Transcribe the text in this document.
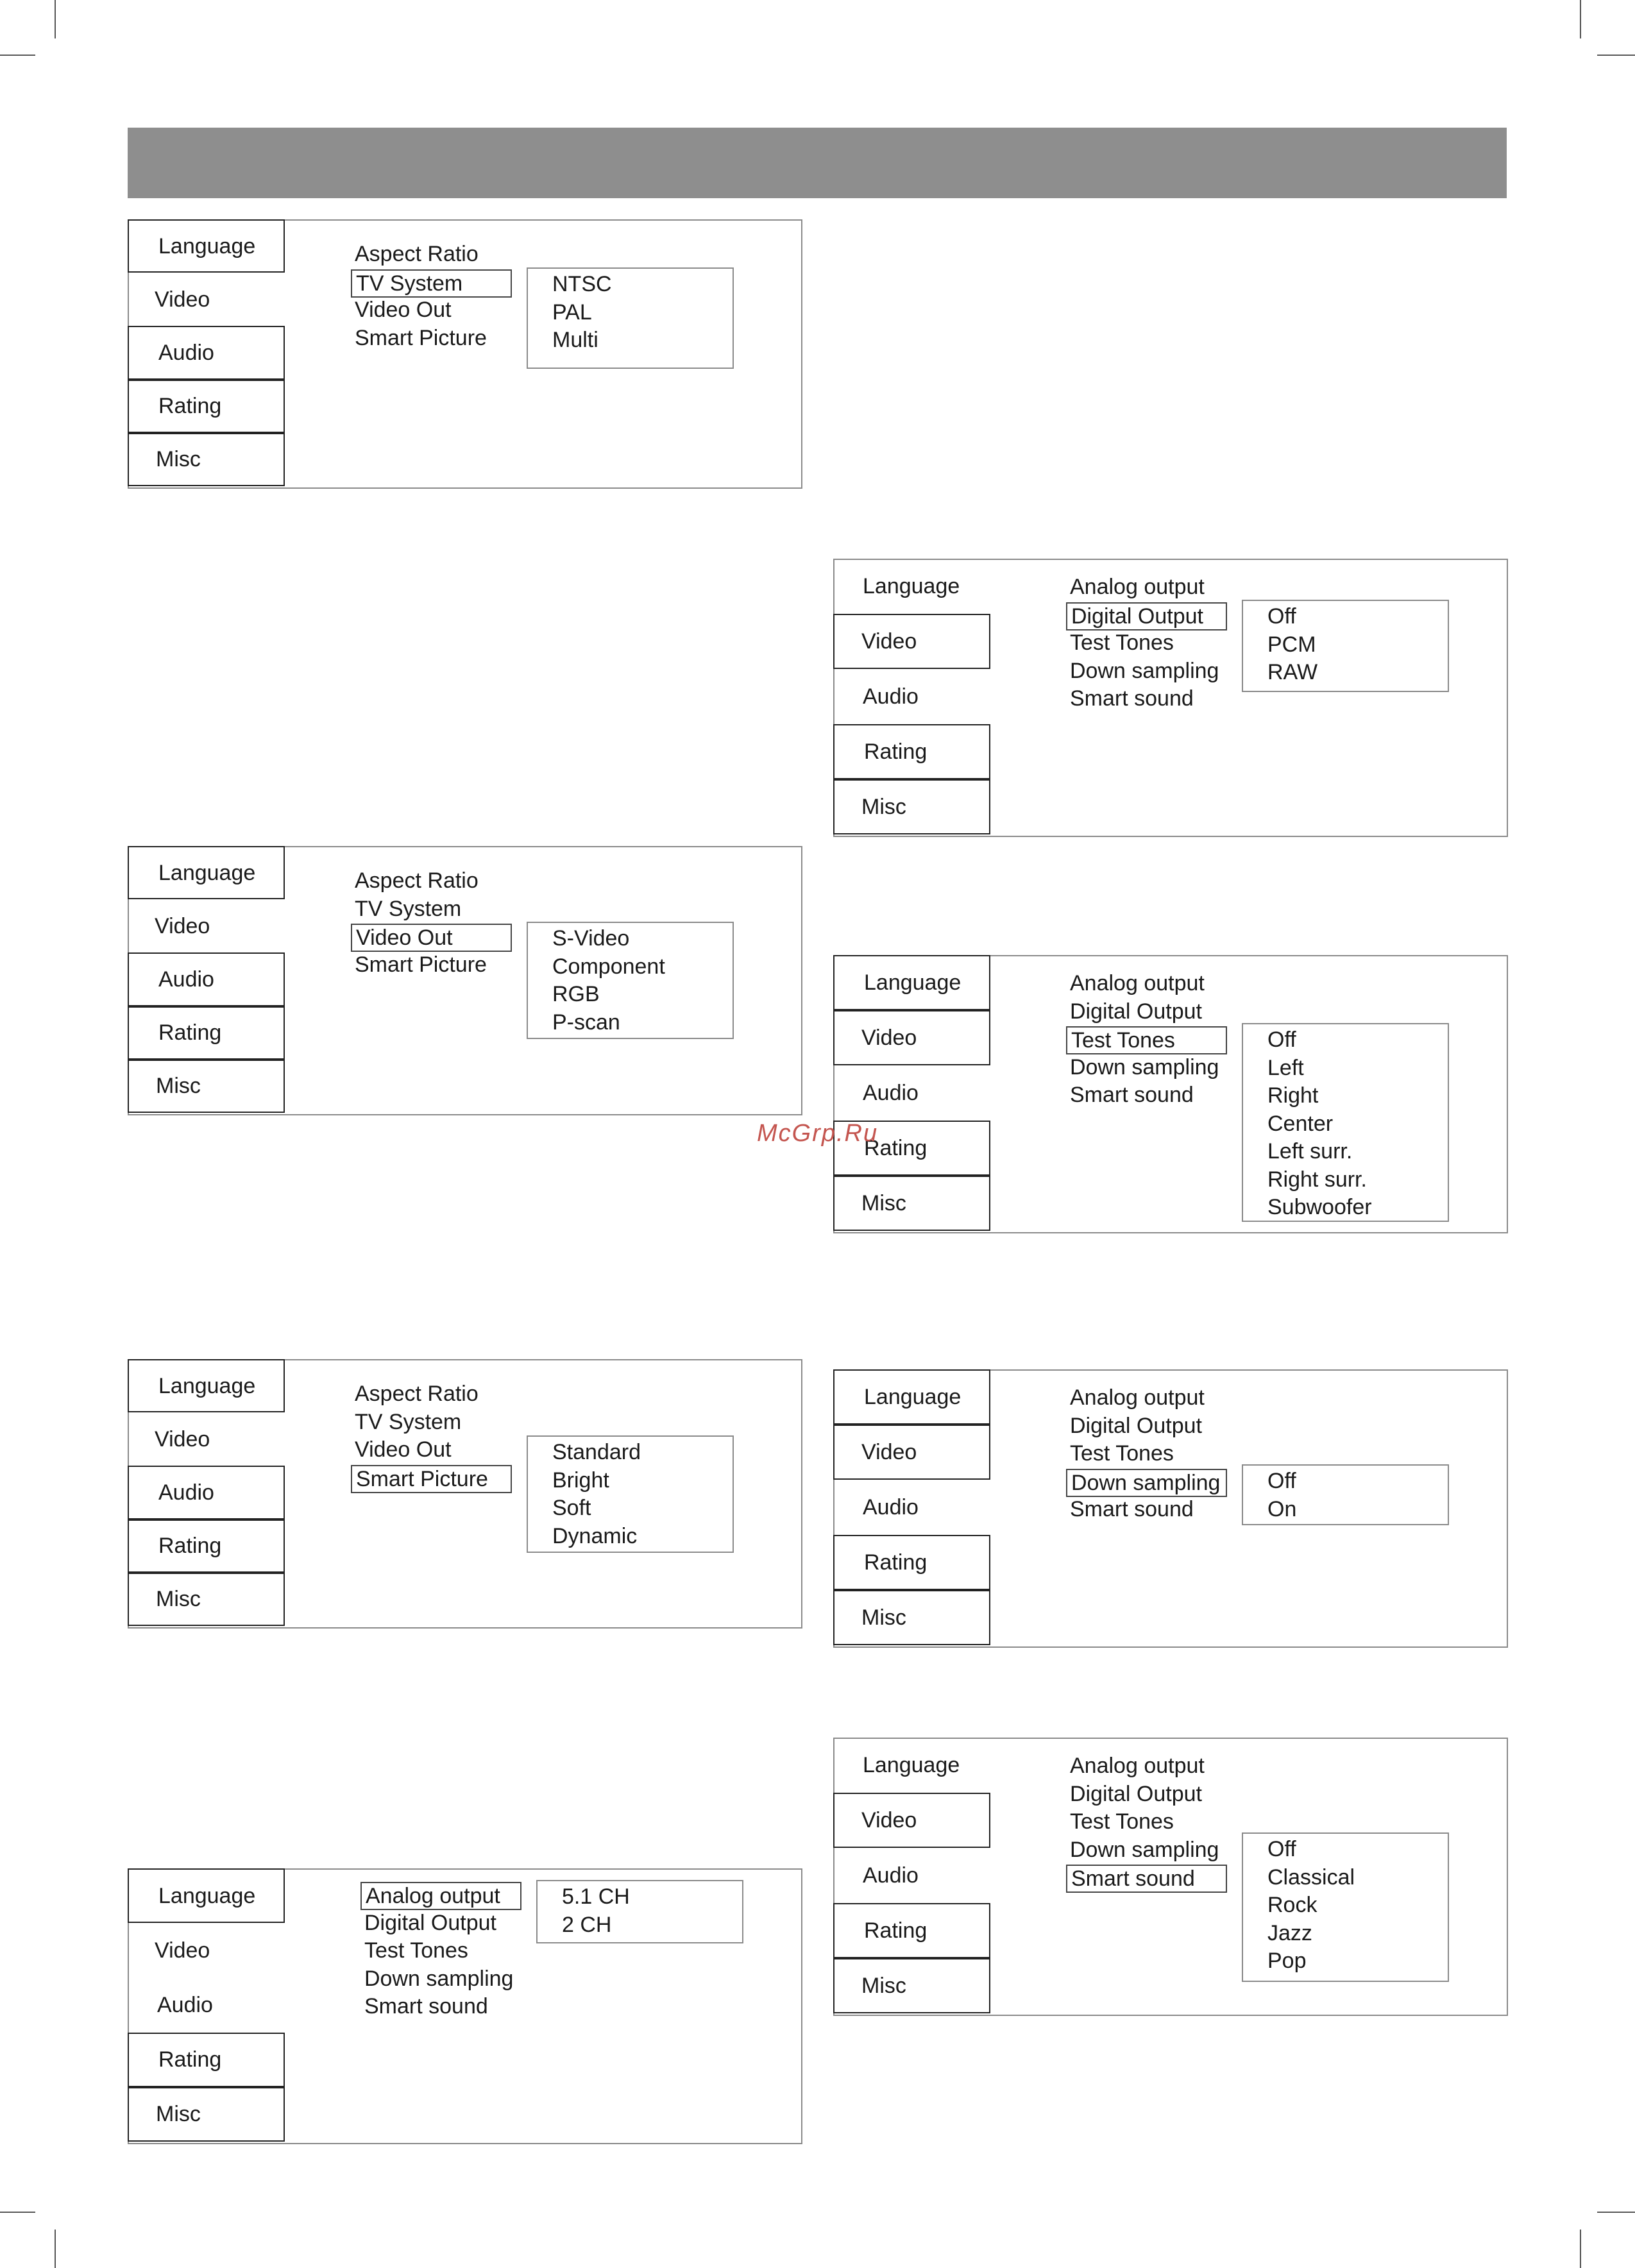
Language
Video
Audio
Rating
Misc
Aspect Ratio
TV System
Video Out
Smart Picture
NTSC
PAL
Multi
Language
Video
Audio
Rating
Misc
Aspect Ratio
TV System
Video Out
Smart Picture
S-Video
Component
RGB
P-scan
Language
Video
Audio
Rating
Misc
Aspect Ratio
TV System
Video Out
Smart Picture
Standard
Bright
Soft
Dynamic
Language
Video
Audio
Rating
Misc
Analog output
Digital Output
Test Tones
Down sampling
Smart sound
5.1 CH
2 CH
Language
Video
Audio
Rating
Misc
Analog output
Digital Output
Test Tones
Down sampling
Smart sound
Off
PCM
RAW
Language
Video
Audio
Rating
Misc
Analog output
Digital Output
Test Tones
Down sampling
Smart sound
Off
Left
Right
Center
Left surr.
Right surr.
Subwoofer
Language
Video
Audio
Rating
Misc
Analog output
Digital Output
Test Tones
Down sampling
Smart sound
Off
On
Language
Video
Audio
Rating
Misc
Analog output
Digital Output
Test Tones
Down sampling
Smart sound
Off
Classical
Rock
Jazz
Pop
McGrp.Ru
